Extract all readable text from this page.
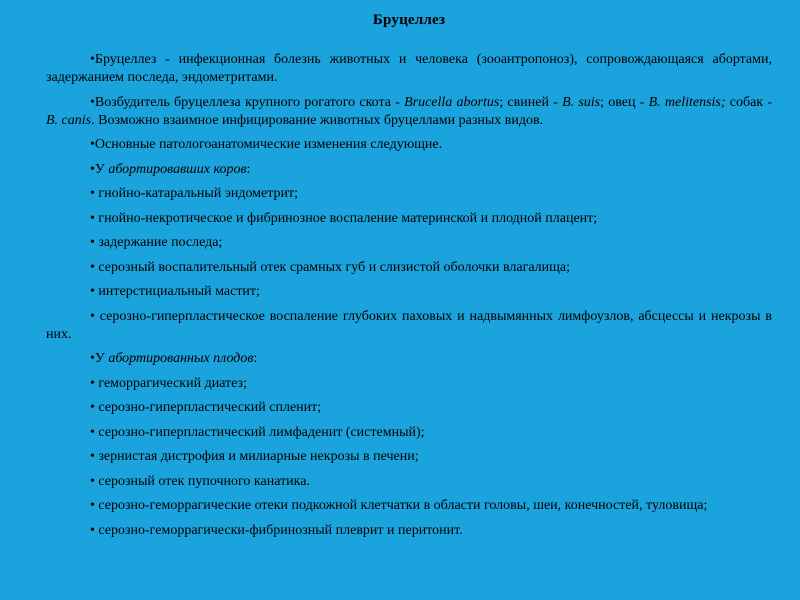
Бруцеллез
•Бруцеллез - инфекционная болезнь животных и человека (зооантропоноз), сопровождающаяся абортами, задержанием последа, эндометритами.
•Возбудитель бруцеллеза крупного рогатого скота - Brucella abortus; свиней - B. suis; овец - B. melitensis; собак - B. canis. Возможно взаимное инфицирование животных бруцеллами разных видов.
•Основные патологоанатомические изменения следующие.
•У абортировавших коров:
• гнойно-катаральный эндометрит;
• гнойно-некротическое и фибринозное воспаление материнской и плодной плацент;
• задержание последа;
• серозный воспалительный отек срамных губ и слизистой оболочки влагалища;
• интерстициальный мастит;
• серозно-гиперпластическое воспаление глубоких паховых и надвымянных лимфоузлов, абсцессы и некрозы в них.
•У абортированных плодов:
• геморрагический диатез;
• серозно-гиперпластический спленит;
• серозно-гиперпластический лимфаденит (системный);
• зернистая дистрофия и милиарные некрозы в печени;
• серозный отек пупочного канатика.
• серозно-геморрагические отеки подкожной клетчатки в области головы, шеи, конечностей, туловища;
• серозно-геморрагически-фибринозный плеврит и перитонит.
